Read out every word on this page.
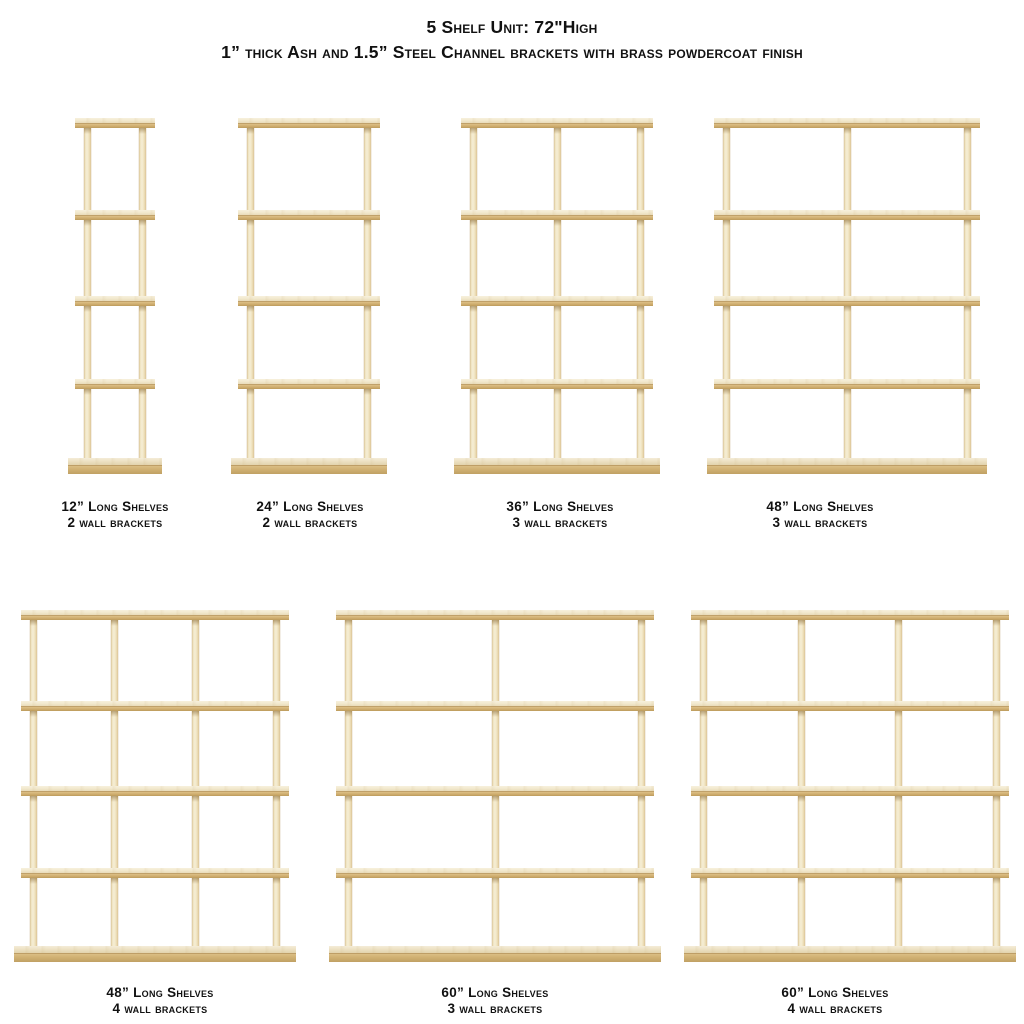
5 Shelf Unit: 72"High
1” thick Ash and 1.5” Steel Channel brackets with brass powdercoat finish
12” Long Shelves
2 wall brackets
24” Long Shelves
2 wall brackets
36” Long Shelves
3 wall brackets
48” Long Shelves
3 wall brackets
48” Long Shelves
4 wall brackets
60” Long Shelves
3 wall brackets
60” Long Shelves
4 wall brackets
